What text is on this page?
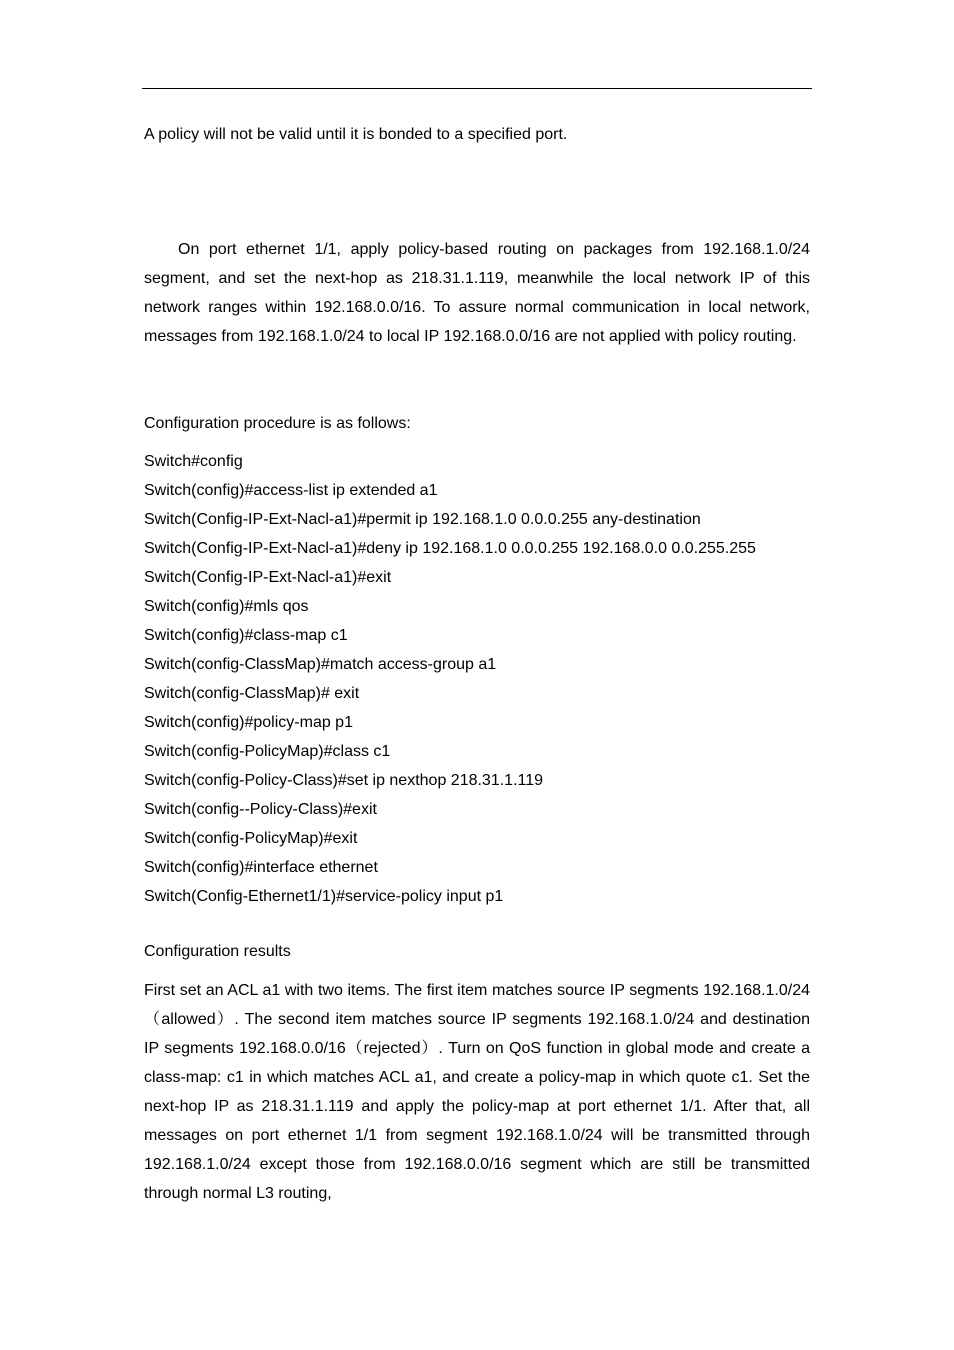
A policy will not be valid until it is bonded to a specified port.

On port ethernet 1/1, apply policy-based routing on packages from 192.168.1.0/24 segment, and set the next-hop as 218.31.1.119, meanwhile the local network IP of this network ranges within 192.168.0.0/16. To assure normal communication in local network, messages from 192.168.1.0/24 to local IP 192.168.0.0/16 are not applied with policy routing.

Configuration procedure is as follows:

Switch#config
Switch(config)#access-list ip extended a1
Switch(Config-IP-Ext-Nacl-a1)#permit ip 192.168.1.0 0.0.0.255 any-destination
Switch(Config-IP-Ext-Nacl-a1)#deny ip 192.168.1.0 0.0.0.255 192.168.0.0 0.0.255.255
Switch(Config-IP-Ext-Nacl-a1)#exit
Switch(config)#mls qos
Switch(config)#class-map c1
Switch(config-ClassMap)#match access-group a1
Switch(config-ClassMap)# exit
Switch(config)#policy-map p1
Switch(config-PolicyMap)#class c1
Switch(config-Policy-Class)#set ip nexthop 218.31.1.119
Switch(config--Policy-Class)#exit
Switch(config-PolicyMap)#exit
Switch(config)#interface ethernet
Switch(Config-Ethernet1/1)#service-policy input p1

Configuration results

First set an ACL a1 with two items. The first item matches source IP segments 192.168.1.0/24（allowed）. The second item matches source IP segments 192.168.1.0/24 and destination IP segments 192.168.0.0/16（rejected）. Turn on QoS function in global mode and create a class-map: c1 in which matches ACL a1, and create a policy-map in which quote c1. Set the next-hop IP as 218.31.1.119 and apply the policy-map at port ethernet 1/1. After that, all messages on port ethernet 1/1 from segment 192.168.1.0/24 will be transmitted through 192.168.1.0/24 except those from 192.168.0.0/16 segment which are still be transmitted through normal L3 routing,
